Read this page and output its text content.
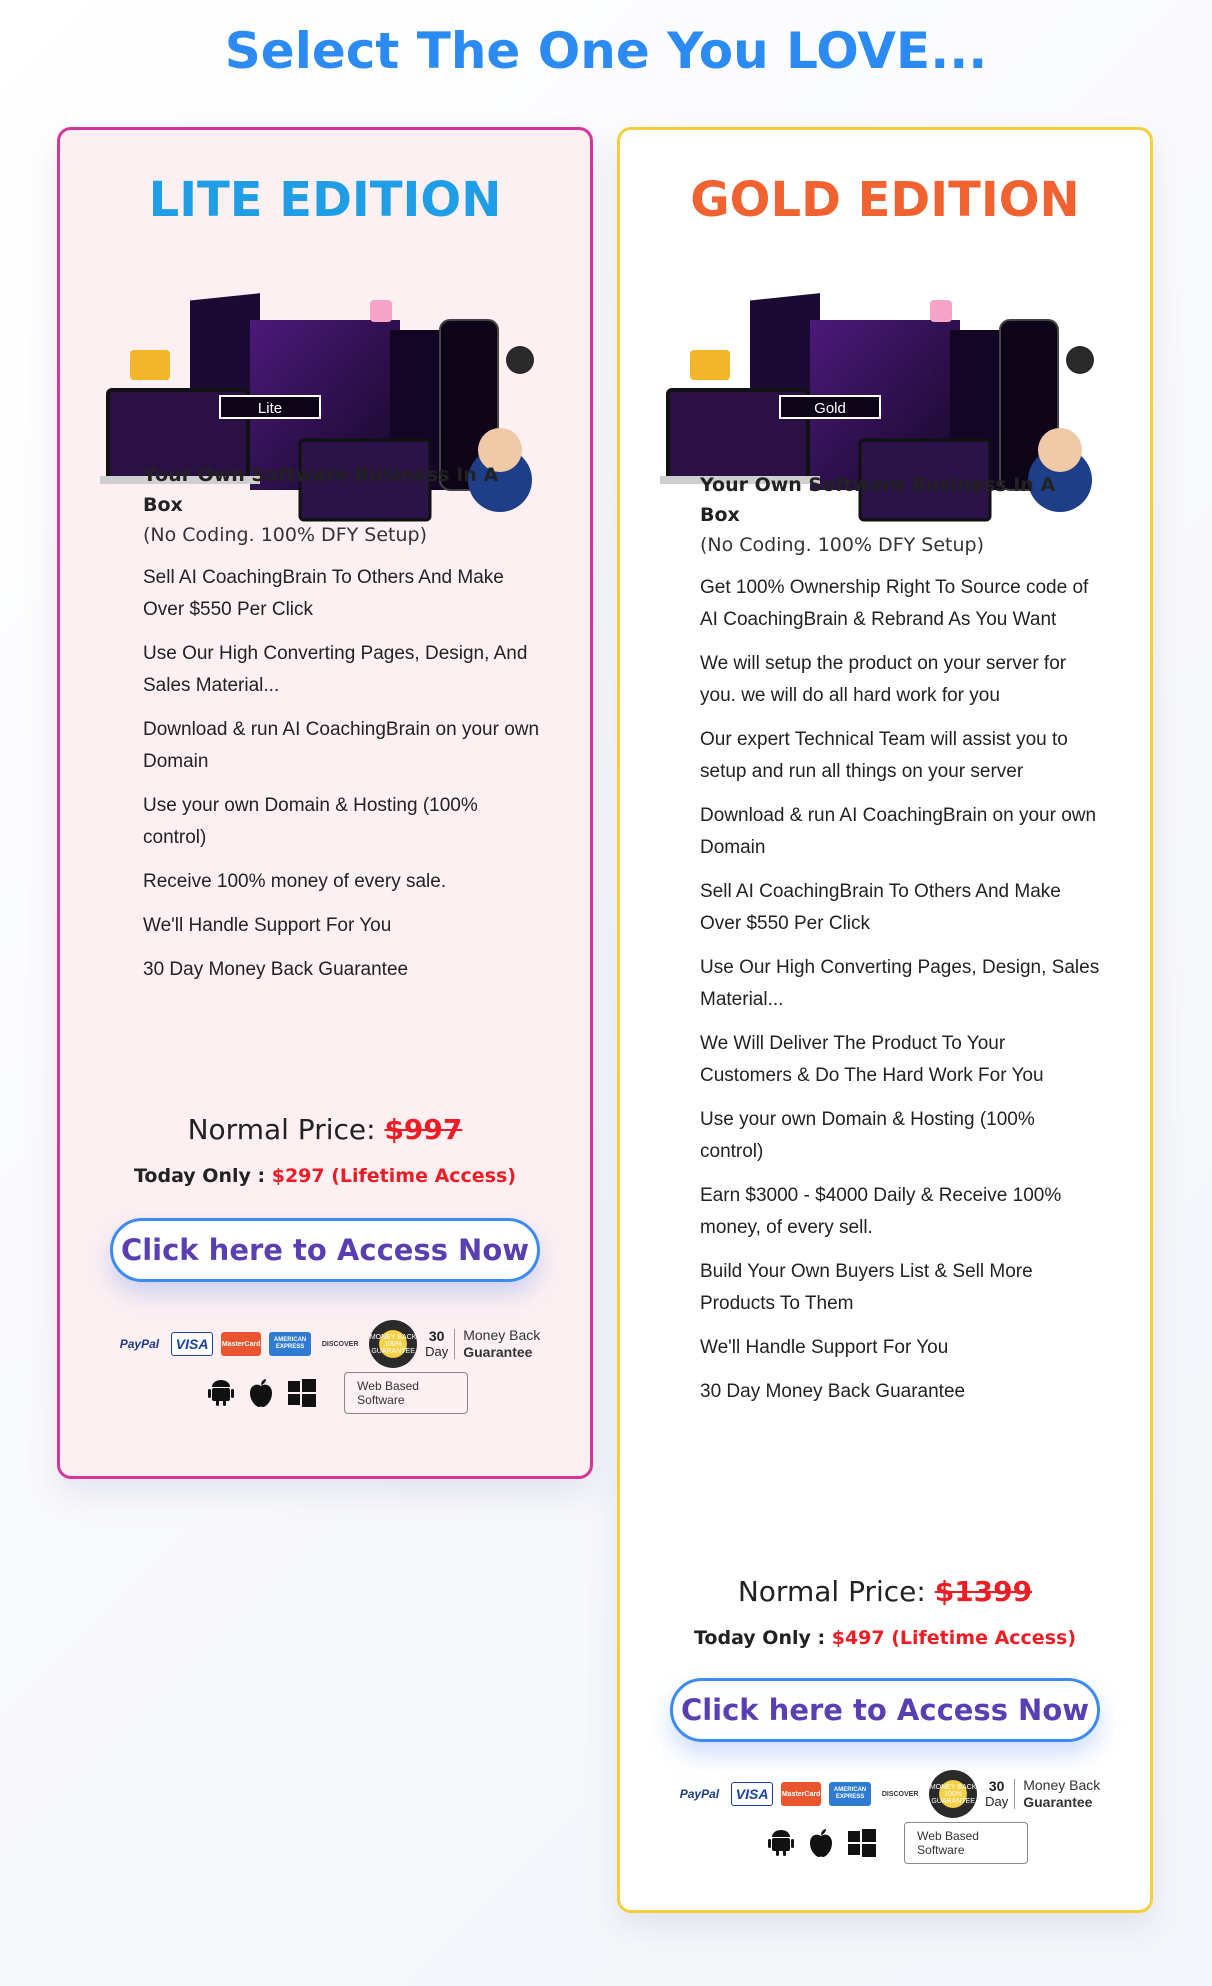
Select The One You LOVE...
LITE EDITION
Lite
Your Own Software Business In A Box
(No Coding. 100% DFY Setup)
Sell AI CoachingBrain To Others And Make Over $550 Per Click
Use Our High Converting Pages, Design, And Sales Material...
Download & run AI CoachingBrain on your own Domain
Use your own Domain & Hosting (100% control)
Receive 100% money of every sale.
We'll Handle Support For You
30 Day Money Back Guarantee
Normal Price: $997
Today Only : $297 (Lifetime Access)
Click here to Access Now
PayPal	VISA	MasterCard
AMERICAN EXPRESS	DISCOVER
MONEY BACK 100% GUARANTEE
30
Day
Money Back
Guarantee
Web Based Software
GOLD EDITION
Gold
Your Own Software Business In A Box
(No Coding. 100% DFY Setup)
Get 100% Ownership Right To Source code of AI CoachingBrain & Rebrand As You Want
We will setup the product on your server for you. we will do all hard work for you
Our expert Technical Team will assist you to setup and run all things on your server
Download & run AI CoachingBrain on your own Domain
Sell AI CoachingBrain To Others And Make Over $550 Per Click
Use Our High Converting Pages, Design, Sales Material...
We Will Deliver The Product To Your Customers & Do The Hard Work For You
Use your own Domain & Hosting (100% control)
Earn $3000 - $4000 Daily & Receive 100% money, of every sell.
Build Your Own Buyers List & Sell More Products To Them
We'll Handle Support For You
30 Day Money Back Guarantee
Normal Price: $1399
Today Only : $497 (Lifetime Access)
Click here to Access Now
PayPal	VISA	MasterCard
AMERICAN EXPRESS	DISCOVER
MONEY BACK 100% GUARANTEE
30
Day
Money Back
Guarantee
Web Based Software
